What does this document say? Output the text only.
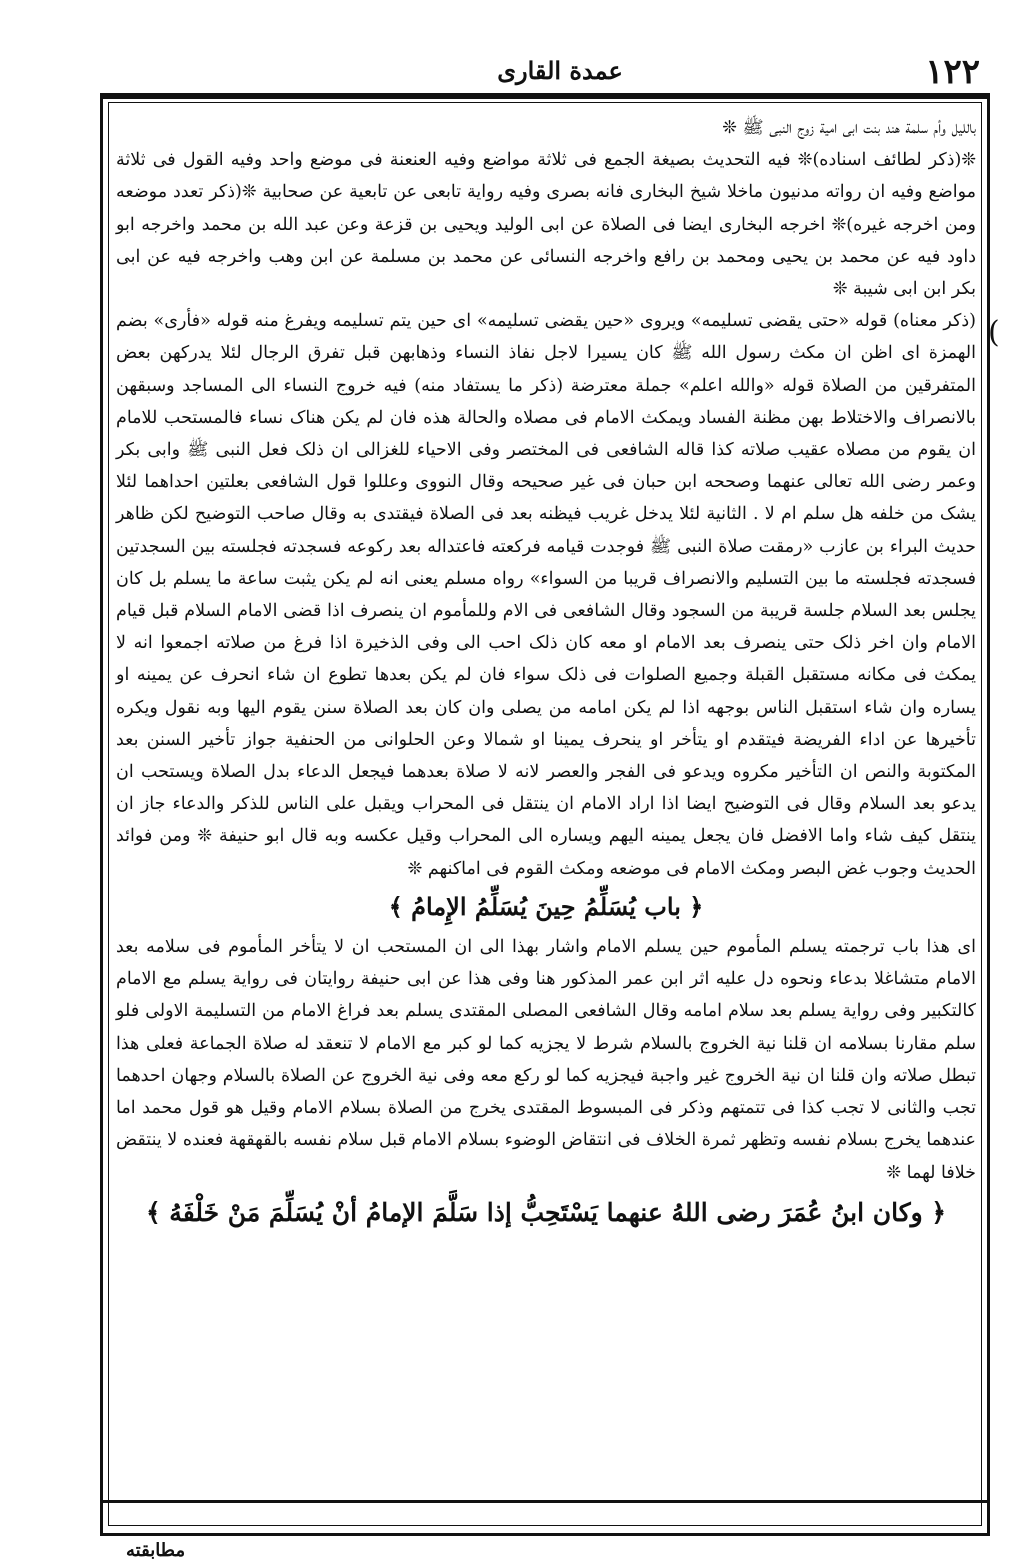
١٢٢
عمدة القاری
(

باللیل وأم سلمة هند بنت ابی امیة زوج النبی ﷺ ❊

❊(ذکر لطائف اسناده)❊ فیه التحدیث بصیغة الجمع فی ثلاثة مواضع وفیه العنعنة فی موضع واحد وفیه القول فی ثلاثة مواضع وفیه ان رواته مدنیون ماخلا شیخ البخاری فانه بصری وفیه روایة تابعی عن تابعیة عن صحابیة ❊(ذکر تعدد موضعه ومن اخرجه غیره)❊ اخرجه البخاری ایضا فی الصلاة عن ابی الولید ویحیی بن قزعة وعن عبد الله بن محمد واخرجه ابو داود فیه عن محمد بن یحیی ومحمد بن رافع واخرجه النسائی عن محمد بن مسلمة عن ابن وهب واخرجه فیه عن ابی بکر ابن ابی شیبة ❊

(ذکر معناه) قوله «حتی یقضی تسلیمه» ویروی «حین یقضی تسلیمه» ای حین یتم تسلیمه ویفرغ منه قوله «فأری» بضم الهمزة ای اظن ان مکث رسول الله ﷺ کان یسیرا لاجل نفاذ النساء وذهابهن قبل تفرق الرجال لئلا یدرکهن بعض المتفرقین من الصلاة قوله «والله اعلم» جملة معترضة (ذکر ما یستفاد منه) فیه خروج النساء الی المساجد وسبقهن بالانصراف والاختلاط بهن مظنة الفساد ویمکث الامام فی مصلاه والحالة هذه فان لم یکن هناک نساء فالمستحب للامام ان یقوم من مصلاه عقیب صلاته کذا قاله الشافعی فی المختصر وفی الاحیاء للغزالی ان ذلک فعل النبی ﷺ وابی بکر وعمر رضی الله تعالی عنهما وصححه ابن حبان فی غیر صحیحه وقال النووی وعللوا قول الشافعی بعلتین احداهما لئلا یشک من خلفه هل سلم ام لا . الثانیة لئلا یدخل غریب فیظنه بعد فی الصلاة فیقتدی به وقال صاحب التوضیح لکن ظاهر حدیث البراء بن عازب «رمقت صلاة النبی ﷺ فوجدت قیامه فرکعته فاعتداله بعد رکوعه فسجدته فجلسته بین السجدتین فسجدته فجلسته ما بین التسلیم والانصراف قریبا من السواء» رواه مسلم یعنی انه لم یکن یثبت ساعة ما یسلم بل کان یجلس بعد السلام جلسة قریبة من السجود وقال الشافعی فی الام وللمأموم ان ینصرف اذا قضی الامام السلام قبل قیام الامام وان اخر ذلک حتی ینصرف بعد الامام او معه کان ذلک احب الی وفی الذخیرة اذا فرغ من صلاته اجمعوا انه لا یمکث فی مکانه مستقبل القبلة وجمیع الصلوات فی ذلک سواء فان لم یکن بعدها تطوع ان شاء انحرف عن یمینه او یساره وان شاء استقبل الناس بوجهه اذا لم یکن امامه من یصلی وان کان بعد الصلاة سنن یقوم الیها وبه نقول ویکره تأخیرها عن اداء الفریضة فیتقدم او یتأخر او ینحرف یمینا او شمالا وعن الحلوانی من الحنفیة جواز تأخیر السنن بعد المکتوبة والنص ان التأخیر مکروه ویدعو فی الفجر والعصر لانه لا صلاة بعدهما فیجعل الدعاء بدل الصلاة ویستحب ان یدعو بعد السلام وقال فی التوضیح ایضا اذا اراد الامام ان ینتقل فی المحراب ویقبل علی الناس للذکر والدعاء جاز ان ینتقل کیف شاء واما الافضل فان یجعل یمینه الیهم ویساره الی المحراب وقیل عکسه وبه قال ابو حنیفة ❊ ومن فوائد الحدیث وجوب غض البصر ومکث الامام فی موضعه ومکث القوم فی اماکنهم ❊

﴿ باب یُسَلِّمُ حِینَ یُسَلِّمُ الإِمامُ ﴾

ای هذا باب ترجمته یسلم المأموم حین یسلم الامام واشار بهذا الی ان المستحب ان لا یتأخر المأموم فی سلامه بعد الامام متشاغلا بدعاء ونحوه دل علیه اثر ابن عمر المذکور هنا وفی هذا عن ابی حنیفة روایتان فی روایة یسلم مع الامام کالتکبیر وفی روایة یسلم بعد سلام امامه وقال الشافعی المصلی المقتدی یسلم بعد فراغ الامام من التسلیمة الاولی فلو سلم مقارنا بسلامه ان قلنا نیة الخروج بالسلام شرط لا یجزیه کما لو کبر مع الامام لا تنعقد له صلاة الجماعة فعلی هذا تبطل صلاته وان قلنا ان نیة الخروج غیر واجبة فیجزیه کما لو رکع معه وفی نیة الخروج عن الصلاة بالسلام وجهان احدهما تجب والثانی لا تجب کذا فی تتمتهم وذکر فی المبسوط المقتدی یخرج من الصلاة بسلام الامام وقیل هو قول محمد اما عندهما یخرج بسلام نفسه وتظهر ثمرة الخلاف فی انتقاض الوضوء بسلام الامام قبل سلام نفسه بالقهقهة فعنده لا ینتقض خلافا لهما ❊

﴿ وکان ابنُ عُمَرَ رضی اللهُ عنهما یَسْتَحِبُّ إذا سَلَّمَ الإمامُ أنْ یُسَلِّمَ مَنْ خَلْفَهُ ﴾

مطابقته
